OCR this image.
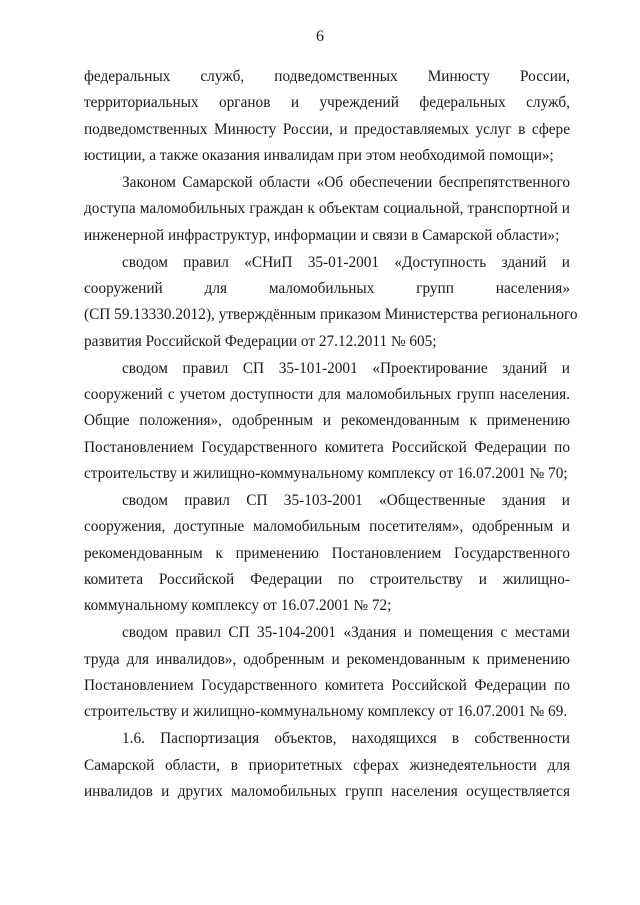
6
федеральных служб, подведомственных Минюсту России,
территориальных органов и учреждений федеральных служб,
подведомственных Минюсту России, и предоставляемых услуг в сфере
юстиции, а также оказания инвалидам при этом необходимой помощи»;
Законом Самарской области «Об обеспечении беспрепятственного
доступа маломобильных граждан к объектам социальной, транспортной и
инженерной инфраструктур, информации и связи в Самарской области»;
сводом правил «СНиП 35-01-2001 «Доступность зданий и
сооружений для маломобильных групп населения»
(СП 59.13330.2012), утверждённым приказом Министерства регионального
развития Российской Федерации от 27.12.2011 № 605;
сводом правил СП 35-101-2001 «Проектирование зданий и
сооружений с учетом доступности для маломобильных групп населения.
Общие положения», одобренным и рекомендованным к применению
Постановлением Государственного комитета Российской Федерации по
строительству и жилищно-коммунальному комплексу от 16.07.2001 № 70;
сводом правил СП 35-103-2001 «Общественные здания и
сооружения, доступные маломобильным посетителям», одобренным и
рекомендованным к применению Постановлением Государственного
комитета Российской Федерации по строительству и жилищно-
коммунальному комплексу от 16.07.2001 № 72;
сводом правил СП 35-104-2001 «Здания и помещения с местами
труда для инвалидов», одобренным и рекомендованным к применению
Постановлением Государственного комитета Российской Федерации по
строительству и жилищно-коммунальному комплексу от 16.07.2001 № 69.
1.6. Паспортизация объектов, находящихся в собственности
Самарской области, в приоритетных сферах жизнедеятельности для
инвалидов и других маломобильных групп населения осуществляется
